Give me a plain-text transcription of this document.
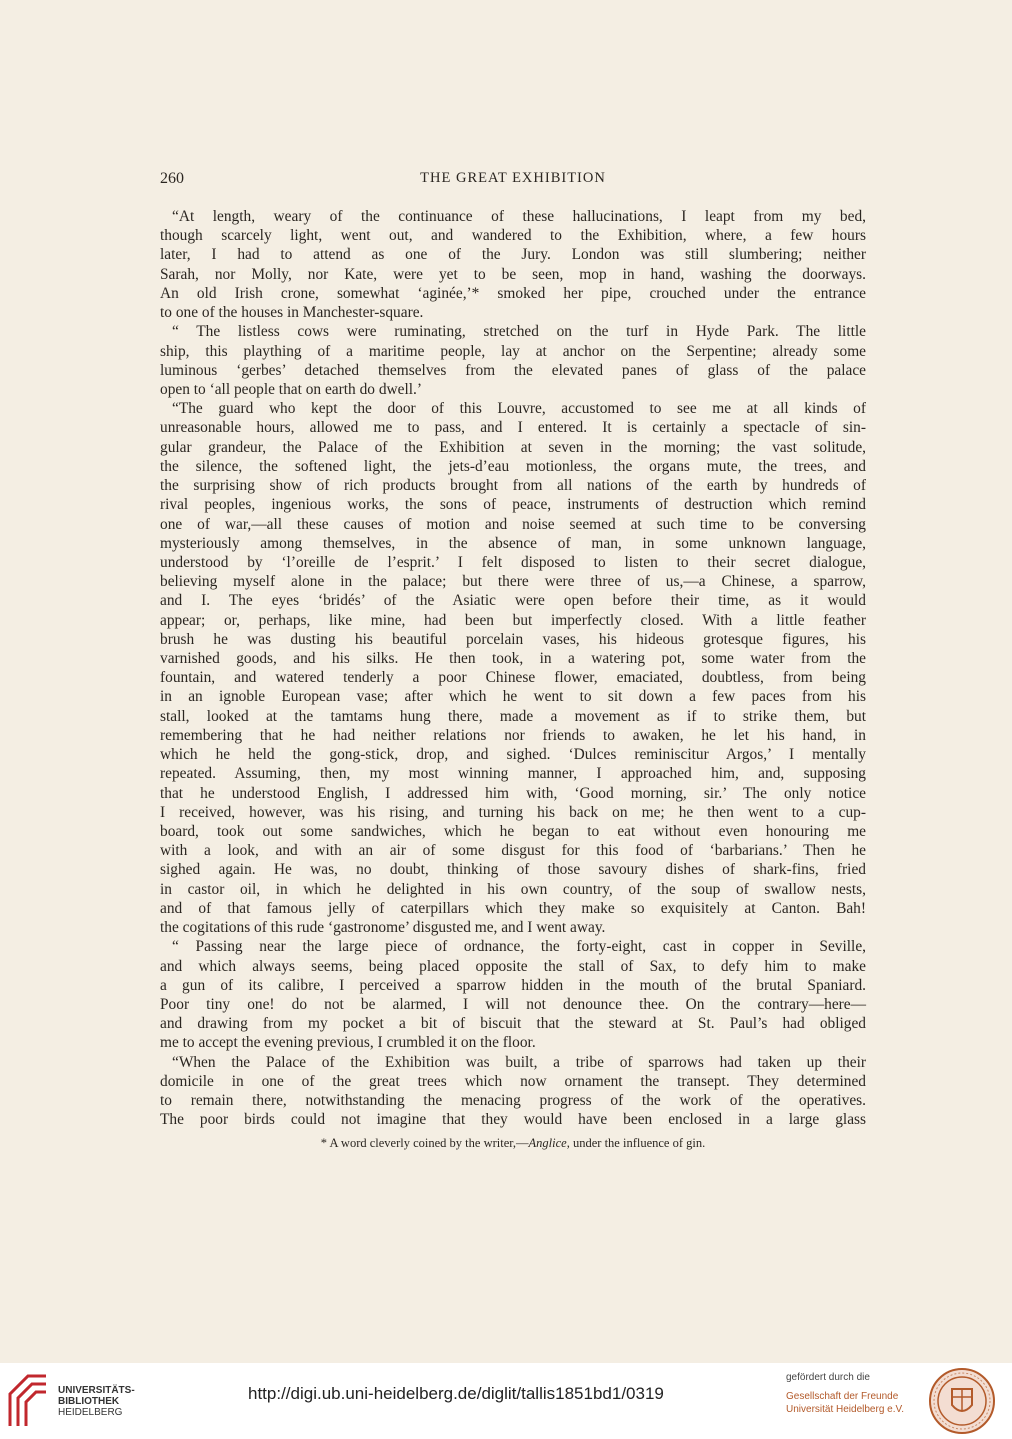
260	THE GREAT EXHIBITION
“At length, weary of the continuance of these hallucinations, I leapt from my bed,
though scarcely light, went out, and wandered to the Exhibition, where, a few hours
later, I had to attend as one of the Jury. London was still slumbering; neither
Sarah, nor Molly, nor Kate, were yet to be seen, mop in hand, washing the doorways.
An old Irish crone, somewhat ‘aginée,’* smoked her pipe, crouched under the entrance
to one of the houses in Manchester-square.
“ The listless cows were ruminating, stretched on the turf in Hyde Park. The little
ship, this plaything of a maritime people, lay at anchor on the Serpentine; already some
luminous ‘gerbes’ detached themselves from the elevated panes of glass of the palace
open to ‘all people that on earth do dwell.’
“The guard who kept the door of this Louvre, accustomed to see me at all kinds of
unreasonable hours, allowed me to pass, and I entered. It is certainly a spectacle of sin-
gular grandeur, the Palace of the Exhibition at seven in the morning; the vast solitude,
the silence, the softened light, the jets-d’eau motionless, the organs mute, the trees, and
the surprising show of rich products brought from all nations of the earth by hundreds of
rival peoples, ingenious works, the sons of peace, instruments of destruction which remind
one of war,—all these causes of motion and noise seemed at such time to be conversing
mysteriously among themselves, in the absence of man, in some unknown language,
understood by ‘l’oreille de l’esprit.’ I felt disposed to listen to their secret dialogue,
believing myself alone in the palace; but there were three of us,—a Chinese, a sparrow,
and I. The eyes ‘bridés’ of the Asiatic were open before their time, as it would
appear; or, perhaps, like mine, had been but imperfectly closed. With a little feather
brush he was dusting his beautiful porcelain vases, his hideous grotesque figures, his
varnished goods, and his silks. He then took, in a watering pot, some water from the
fountain, and watered tenderly a poor Chinese flower, emaciated, doubtless, from being
in an ignoble European vase; after which he went to sit down a few paces from his
stall, looked at the tamtams hung there, made a movement as if to strike them, but
remembering that he had neither relations nor friends to awaken, he let his hand, in
which he held the gong-stick, drop, and sighed. ‘Dulces reminiscitur Argos,’ I mentally
repeated. Assuming, then, my most winning manner, I approached him, and, supposing
that he understood English, I addressed him with, ‘Good morning, sir.’ The only notice
I received, however, was his rising, and turning his back on me; he then went to a cup-
board, took out some sandwiches, which he began to eat without even honouring me
with a look, and with an air of some disgust for this food of ‘barbarians.’ Then he
sighed again. He was, no doubt, thinking of those savoury dishes of shark-fins, fried
in castor oil, in which he delighted in his own country, of the soup of swallow nests,
and of that famous jelly of caterpillars which they make so exquisitely at Canton. Bah!
the cogitations of this rude ‘gastronome’ disgusted me, and I went away.
“ Passing near the large piece of ordnance, the forty-eight, cast in copper in Seville,
and which always seems, being placed opposite the stall of Sax, to defy him to make
a gun of its calibre, I perceived a sparrow hidden in the mouth of the brutal Spaniard.
Poor tiny one! do not be alarmed, I will not denounce thee. On the contrary—here—
and drawing from my pocket a bit of biscuit that the steward at St. Paul’s had obliged
me to accept the evening previous, I crumbled it on the floor.
“When the Palace of the Exhibition was built, a tribe of sparrows had taken up their
domicile in one of the great trees which now ornament the transept. They determined
to remain there, notwithstanding the menacing progress of the work of the operatives.
The poor birds could not imagine that they would have been enclosed in a large glass
* A word cleverly coined by the writer,—Anglice, under the influence of gin.
UNIVERSITÄTS-
BIBLIOTHEK
HEIDELBERG
http://digi.ub.uni-heidelberg.de/diglit/tallis1851bd1/0319
gefördert durch die
Gesellschaft der Freunde
Universität Heidelberg e.V.
